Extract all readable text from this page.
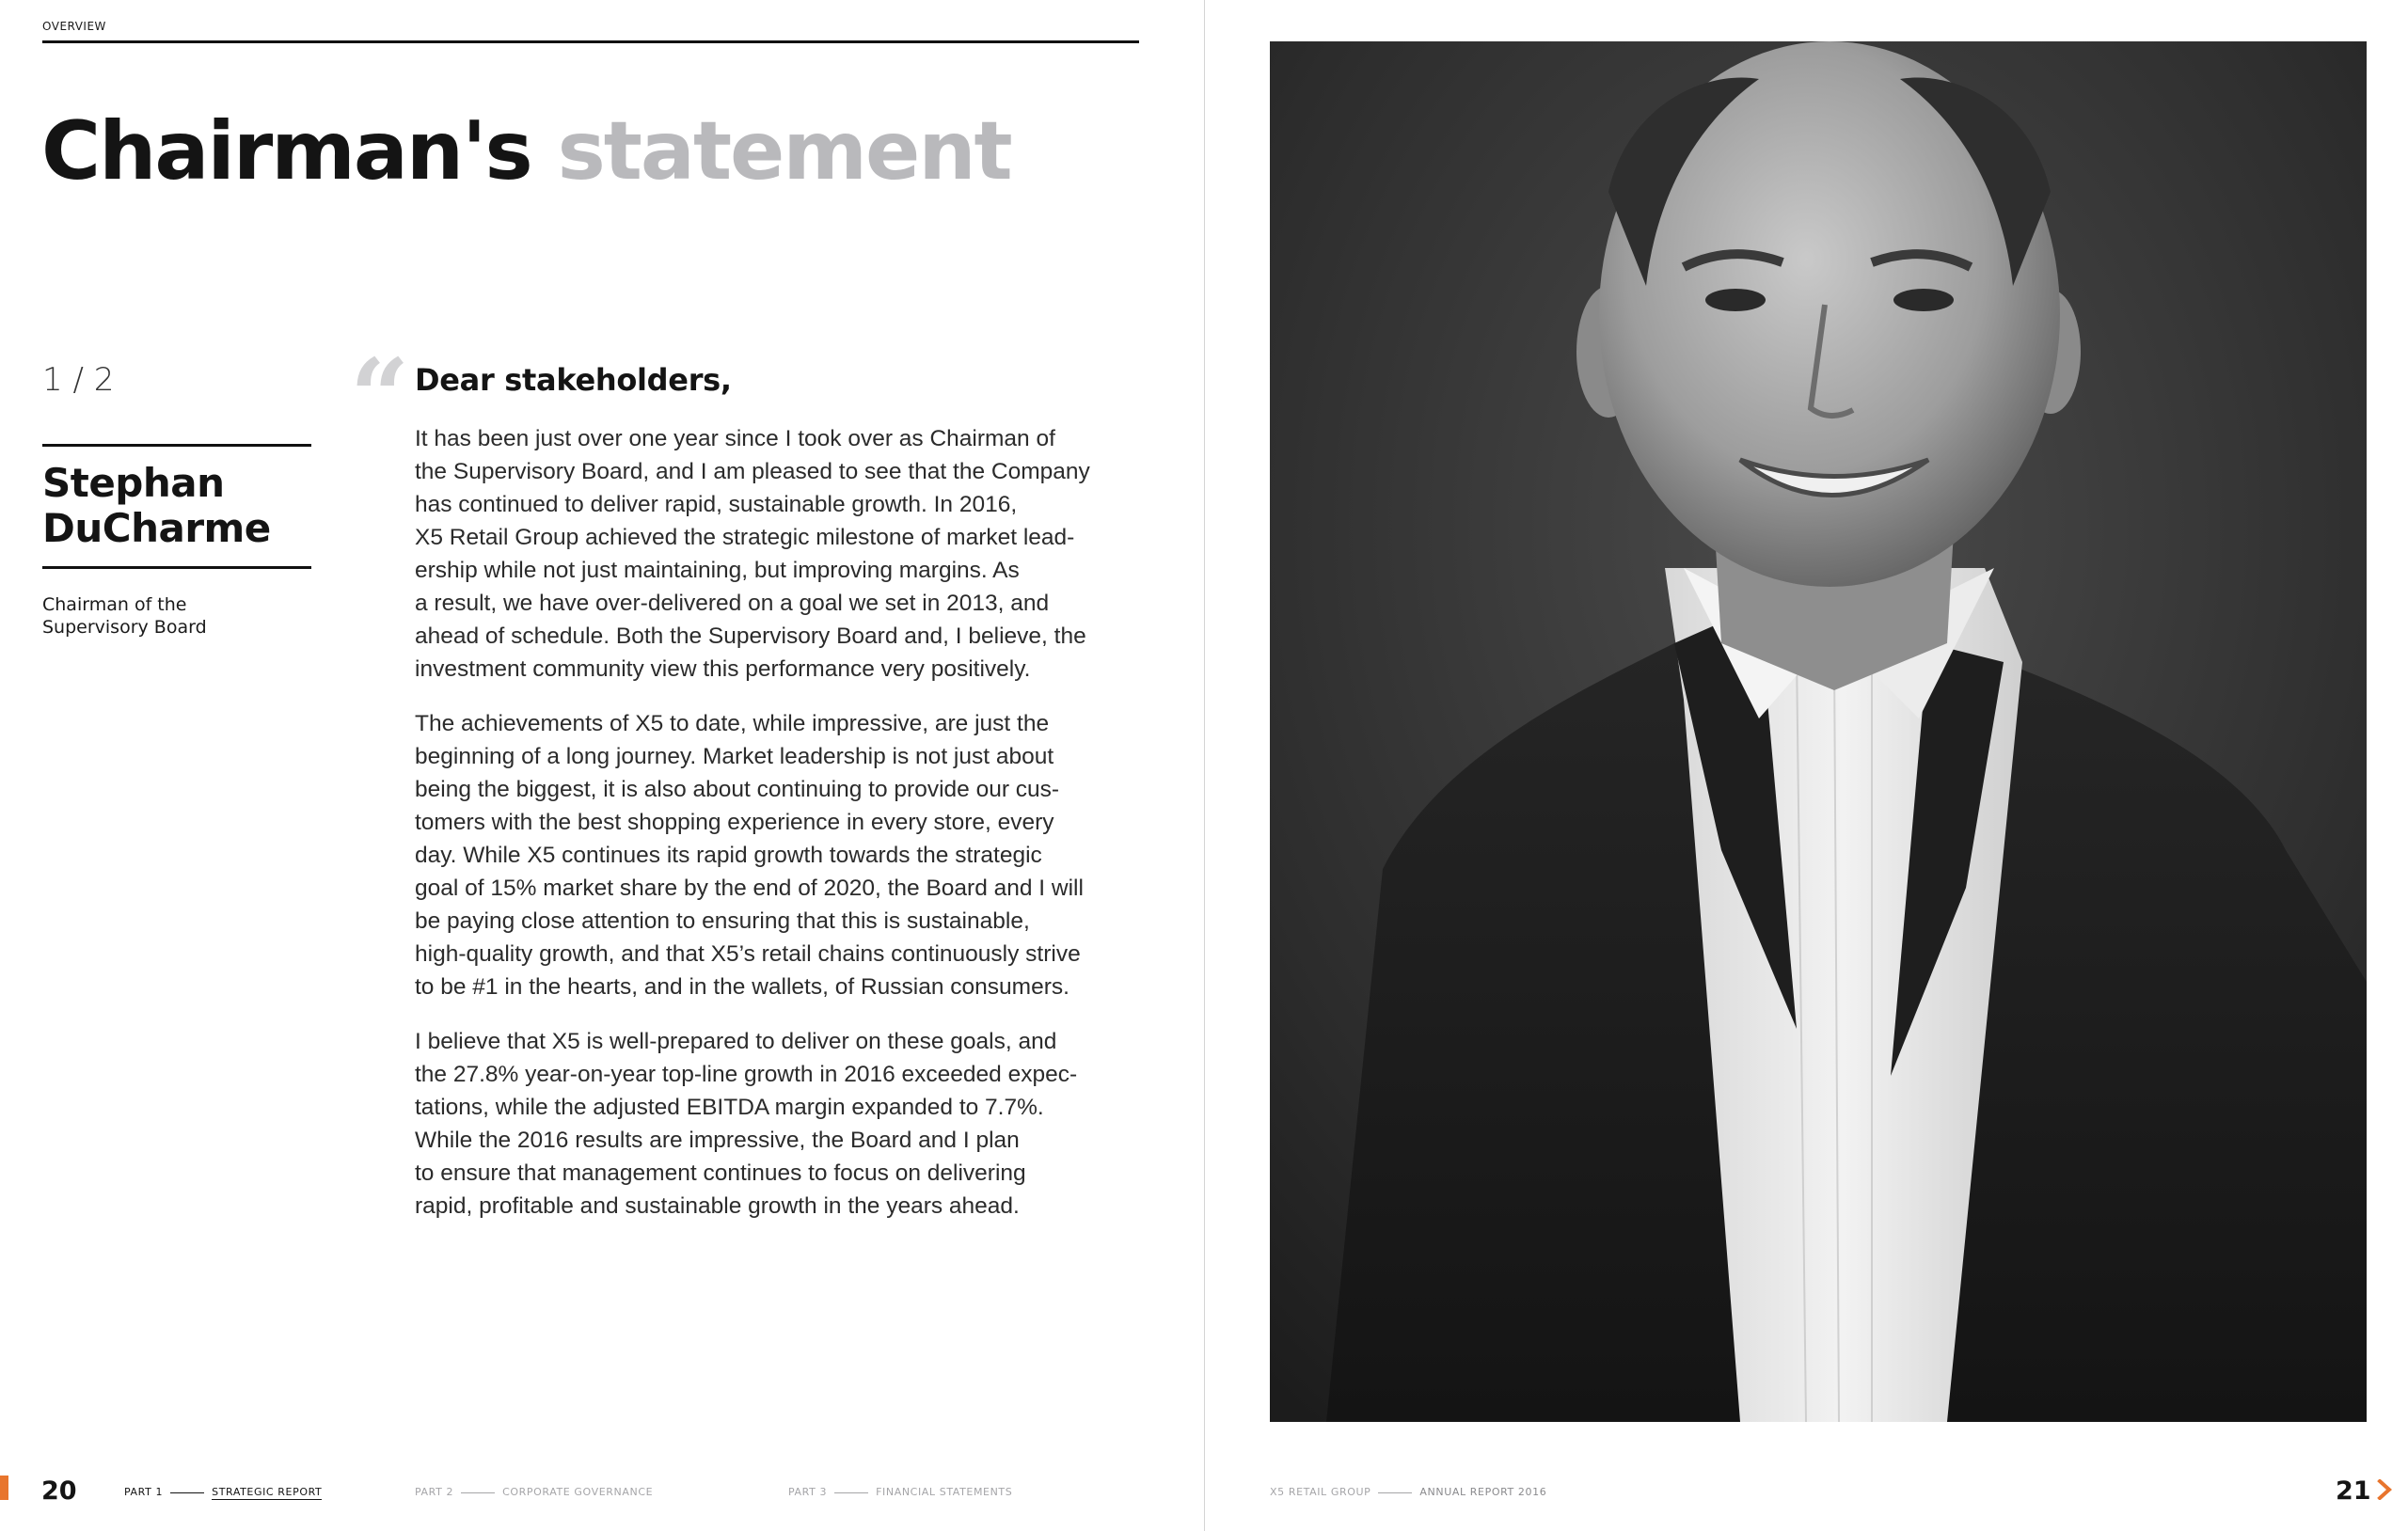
OVERVIEW
Chairman's statement
1 / 2
Stephan
DuCharme
Chairman of the
Supervisory Board
“ Dear stakeholders,

It has been just over one year since I took over as Chairman of
the Supervisory Board, and I am pleased to see that the Company
has continued to deliver rapid, sustainable growth. In 2016,
X5 Retail Group achieved the strategic milestone of market lead-
ership while not just maintaining, but improving margins. As
a result, we have over-delivered on a goal we set in 2013, and
ahead of schedule. Both the Supervisory Board and, I believe, the
investment community view this performance very positively.

The achievements of X5 to date, while impressive, are just the
beginning of a long journey. Market leadership is not just about
being the biggest, it is also about continuing to provide our cus-
tomers with the best shopping experience in every store, every
day. While X5 continues its rapid growth towards the strategic
goal of 15% market share by the end of 2020, the Board and I will
be paying close attention to ensuring that this is sustainable,
high-quality growth, and that X5’s retail chains continuously strive
to be #1 in the hearts, and in the wallets, of Russian consumers.

I believe that X5 is well-prepared to deliver on these goals, and
the 27.8% year-on-year top-line growth in 2016 exceeded expec-
tations, while the adjusted EBITDA margin expanded to 7.7%.
While the 2016 results are impressive, the Board and I plan
to ensure that management continues to focus on delivering
rapid, profitable and sustainable growth in the years ahead.

20	PART 1	STRATEGIC REPORT	PART 2	CORPORATE GOVERNANCE	PART 3	FINANCIAL STATEMENTS	X5 RETAIL GROUP	ANNUAL REPORT 2016	21
